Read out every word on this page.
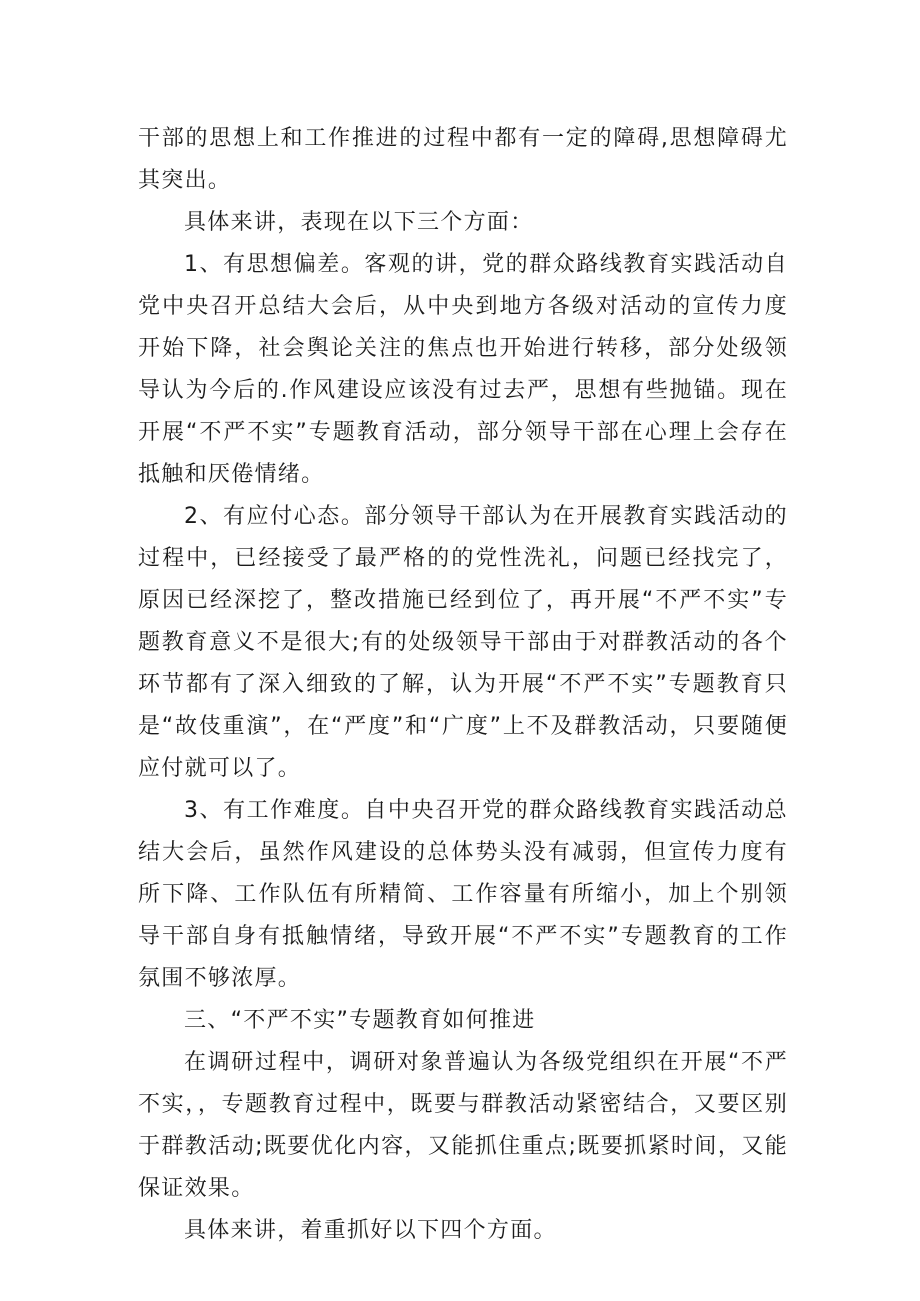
干部的思想上和工作推进的过程中都有一定的障碍,思想障碍尤其突出。

具体来讲，表现在以下三个方面：

1、有思想偏差。客观的讲，党的群众路线教育实践活动自党中央召开总结大会后，从中央到地方各级对活动的宣传力度开始下降，社会舆论关注的焦点也开始进行转移，部分处级领导认为今后的.作风建设应该没有过去严，思想有些抛锚。现在开展“不严不实”专题教育活动，部分领导干部在心理上会存在抵触和厌倦情绪。

2、有应付心态。部分领导干部认为在开展教育实践活动的过程中，已经接受了最严格的的党性洗礼，问题已经找完了，原因已经深挖了，整改措施已经到位了，再开展“不严不实”专题教育意义不是很大;有的处级领导干部由于对群教活动的各个环节都有了深入细致的了解，认为开展“不严不实”专题教育只是“故伎重演”，在“严度”和“广度”上不及群教活动，只要随便应付就可以了。

3、有工作难度。自中央召开党的群众路线教育实践活动总结大会后，虽然作风建设的总体势头没有减弱，但宣传力度有所下降、工作队伍有所精简、工作容量有所缩小，加上个别领导干部自身有抵触情绪，导致开展“不严不实”专题教育的工作氛围不够浓厚。

三、“不严不实”专题教育如何推进

在调研过程中，调研对象普遍认为各级党组织在开展“不严不实，，专题教育过程中，既要与群教活动紧密结合，又要区别于群教活动;既要优化内容，又能抓住重点;既要抓紧时间，又能保证效果。

具体来讲，着重抓好以下四个方面。
